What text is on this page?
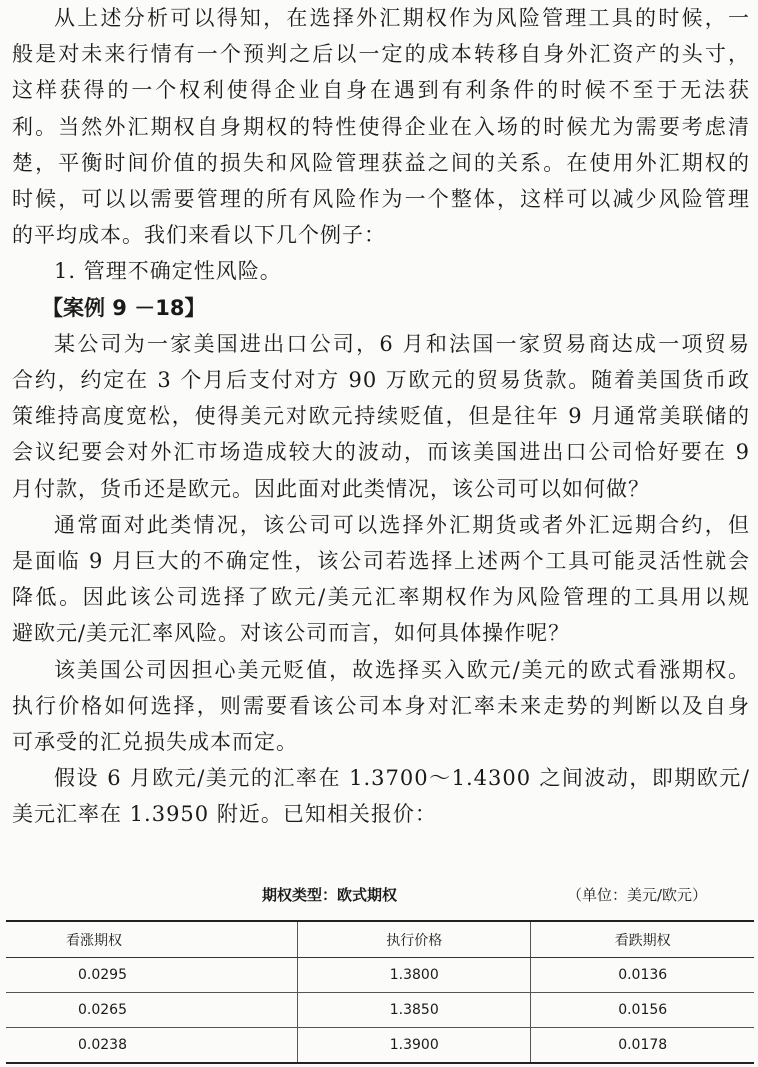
从上述分析可以得知，在选择外汇期权作为风险管理工具的时候，一

般是对未来行情有一个预判之后以一定的成本转移自身外汇资产的头寸，

这样获得的一个权利使得企业自身在遇到有利条件的时候不至于无法获

利。当然外汇期权自身期权的特性使得企业在入场的时候尤为需要考虑清

楚，平衡时间价值的损失和风险管理获益之间的关系。在使用外汇期权的

时候，可以以需要管理的所有风险作为一个整体，这样可以减少风险管理

的平均成本。我们来看以下几个例子：

1. 管理不确定性风险。

【案例 9 －18】

某公司为一家美国进出口公司，6 月和法国一家贸易商达成一项贸易

合约，约定在 3 个月后支付对方 90 万欧元的贸易货款。随着美国货币政

策维持高度宽松，使得美元对欧元持续贬值，但是往年 9 月通常美联储的

会议纪要会对外汇市场造成较大的波动，而该美国进出口公司恰好要在 9

月付款，货币还是欧元。因此面对此类情况，该公司可以如何做？

通常面对此类情况，该公司可以选择外汇期货或者外汇远期合约，但

是面临 9 月巨大的不确定性，该公司若选择上述两个工具可能灵活性就会

降低。因此该公司选择了欧元/美元汇率期权作为风险管理的工具用以规

避欧元/美元汇率风险。对该公司而言，如何具体操作呢？

该美国公司因担心美元贬值，故选择买入欧元/美元的欧式看涨期权。

执行价格如何选择，则需要看该公司本身对汇率未来走势的判断以及自身

可承受的汇兑损失成本而定。

假设 6 月欧元/美元的汇率在 1.3700～1.4300 之间波动，即期欧元/

美元汇率在 1.3950 附近。已知相关报价：

期权类型：欧式期权	（单位：美元/欧元）
看涨期权	执行价格	看跌期权
0.0295	1.3800	0.0136
0.0265	1.3850	0.0156
0.0238	1.3900	0.0178
